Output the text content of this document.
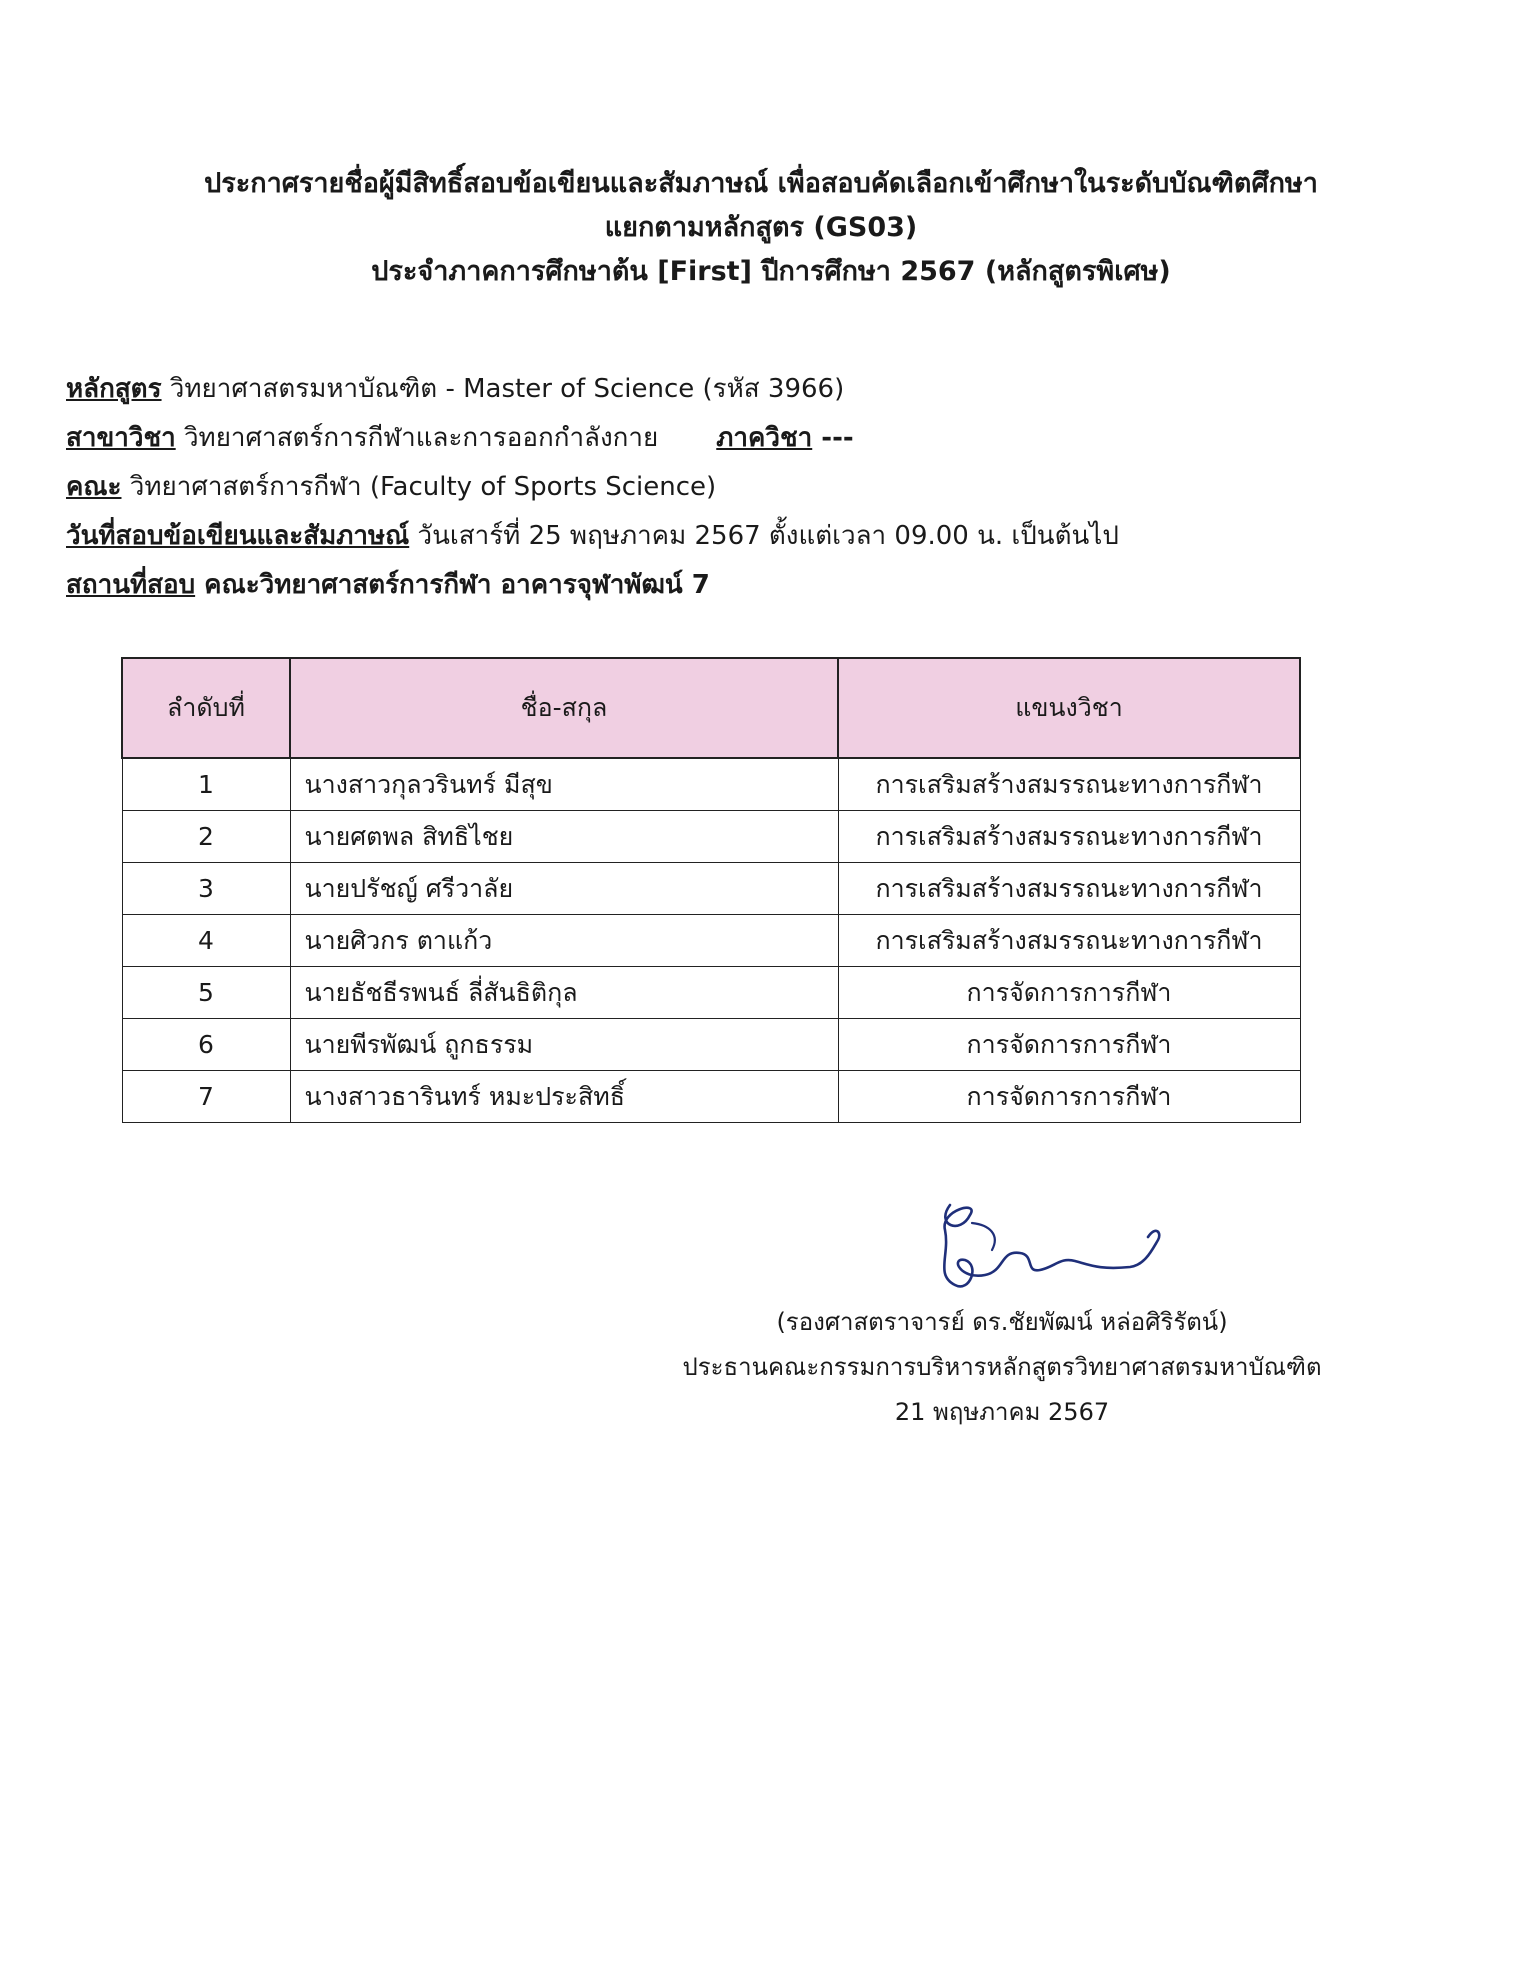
ประกาศรายชื่อผู้มีสิทธิ์สอบข้อเขียนและสัมภาษณ์ เพื่อสอบคัดเลือกเข้าศึกษาในระดับบัณฑิตศึกษา
แยกตามหลักสูตร (GS03)
ประจำภาคการศึกษาต้น [First] ปีการศึกษา 2567 (หลักสูตรพิเศษ)
หลักสูตร วิทยาศาสตรมหาบัณฑิต - Master of Science (รหัส 3966)
สาขาวิชา วิทยาศาสตร์การกีฬาและการออกกำลังกาย ภาควิชา ---
คณะ วิทยาศาสตร์การกีฬา (Faculty of Sports Science)
วันที่สอบข้อเขียนและสัมภาษณ์ วันเสาร์ที่ 25 พฤษภาคม 2567 ตั้งแต่เวลา 09.00 น. เป็นต้นไป
สถานที่สอบ คณะวิทยาศาสตร์การกีฬา อาคารจุฬาพัฒน์ 7
ลำดับที่	ชื่อ-สกุล	แขนงวิชา
1	นางสาวกุลวรินทร์ มีสุข	การเสริมสร้างสมรรถนะทางการกีฬา
2	นายศตพล สิทธิไชย	การเสริมสร้างสมรรถนะทางการกีฬา
3	นายปรัชญ์ ศรีวาลัย	การเสริมสร้างสมรรถนะทางการกีฬา
4	นายศิวกร ตาแก้ว	การเสริมสร้างสมรรถนะทางการกีฬา
5	นายธัชธีรพนธ์ ลี่สันธิติกุล	การจัดการการกีฬา
6	นายพีรพัฒน์ ถูกธรรม	การจัดการการกีฬา
7	นางสาวธารินทร์ หมะประสิทธิ์	การจัดการการกีฬา
(รองศาสตราจารย์ ดร.ชัยพัฒน์ หล่อศิริรัตน์)
ประธานคณะกรรมการบริหารหลักสูตรวิทยาศาสตรมหาบัณฑิต
21 พฤษภาคม 2567
